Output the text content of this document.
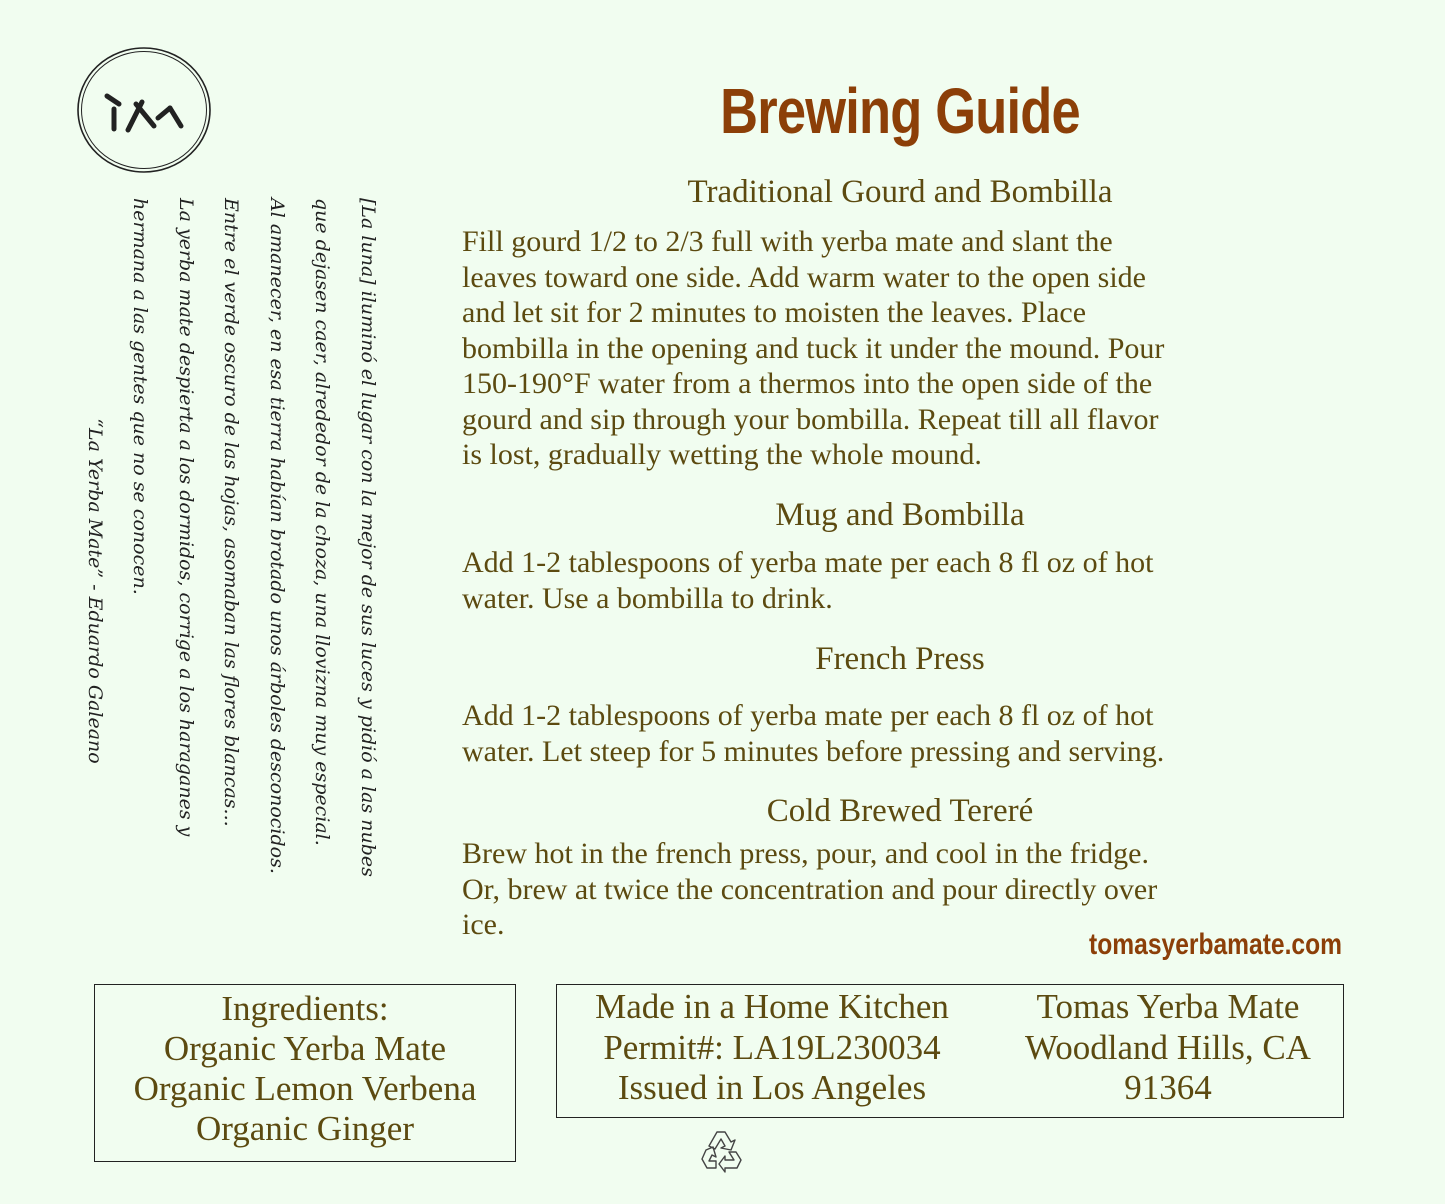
[La luna] iluminó el lugar con la mejor de sus luces y pidió a las nubes
que dejasen caer, alrededor de la choza, una llovizna muy especial.
Al amanecer, en esa tierra habían brotado unos árboles desconocidos.
Entre el verde oscuro de las hojas, asomaban las flores blancas...
La yerba mate despierta a los dormidos, corrige a los haraganes y
hermana a las gentes que no se conocen.
“La Yerba Mate” - Eduardo Galeano
Brewing Guide
Traditional Gourd and Bombilla
Fill gourd 1/2 to 2/3 full with yerba mate and slant the
leaves toward one side. Add warm water to the open side
and let sit for 2 minutes to moisten the leaves. Place
bombilla in the opening and tuck it under the mound. Pour
150-190°F water from a thermos into the open side of the
gourd and sip through your bombilla. Repeat till all flavor
is lost, gradually wetting the whole mound.
Mug and Bombilla
Add 1-2 tablespoons of yerba mate per each 8 fl oz of hot
water. Use a bombilla to drink.
French Press
Add 1-2 tablespoons of yerba mate per each 8 fl oz of hot
water. Let steep for 5 minutes before pressing and serving.
Cold Brewed Tereré
Brew hot in the french press, pour, and cool in the fridge.
Or, brew at twice the concentration and pour directly over
ice.
tomasyerbamate.com
Ingredients:
Organic Yerba Mate
Organic Lemon Verbena
Organic Ginger
Made in a Home Kitchen
Permit#: LA19L230034
Issued in Los Angeles
Tomas Yerba Mate
Woodland Hills, CA
91364
